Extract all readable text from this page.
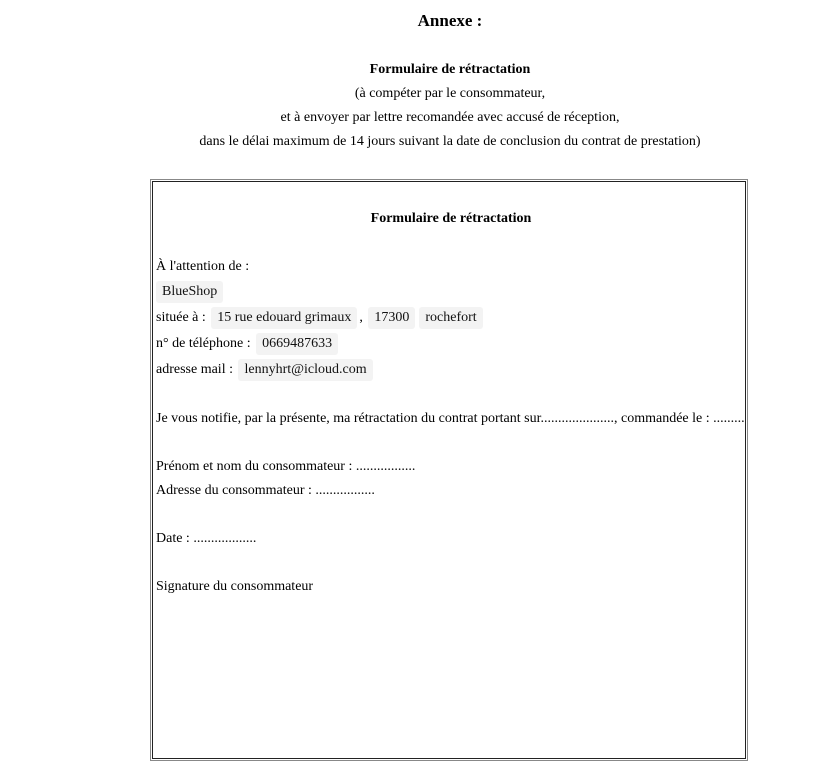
Annexe :
Formulaire de rétractation
(à compéter par le consommateur,
et à envoyer par lettre recomandée avec accusé de réception,
dans le délai maximum de 14 jours suivant la date de conclusion du contrat de prestation)
Formulaire de rétractation
À l'attention de :
BlueShop
située à : 15 rue edouard grimaux , 17300 rochefort
n° de téléphone : 0669487633
adresse mail : lennyhrt@icloud.com
Je vous notifie, par la présente, ma rétractation du contrat portant sur....................., commandée le : .........
Prénom et nom du consommateur : .................
Adresse du consommateur : .................
Date : ..................
Signature du consommateur
